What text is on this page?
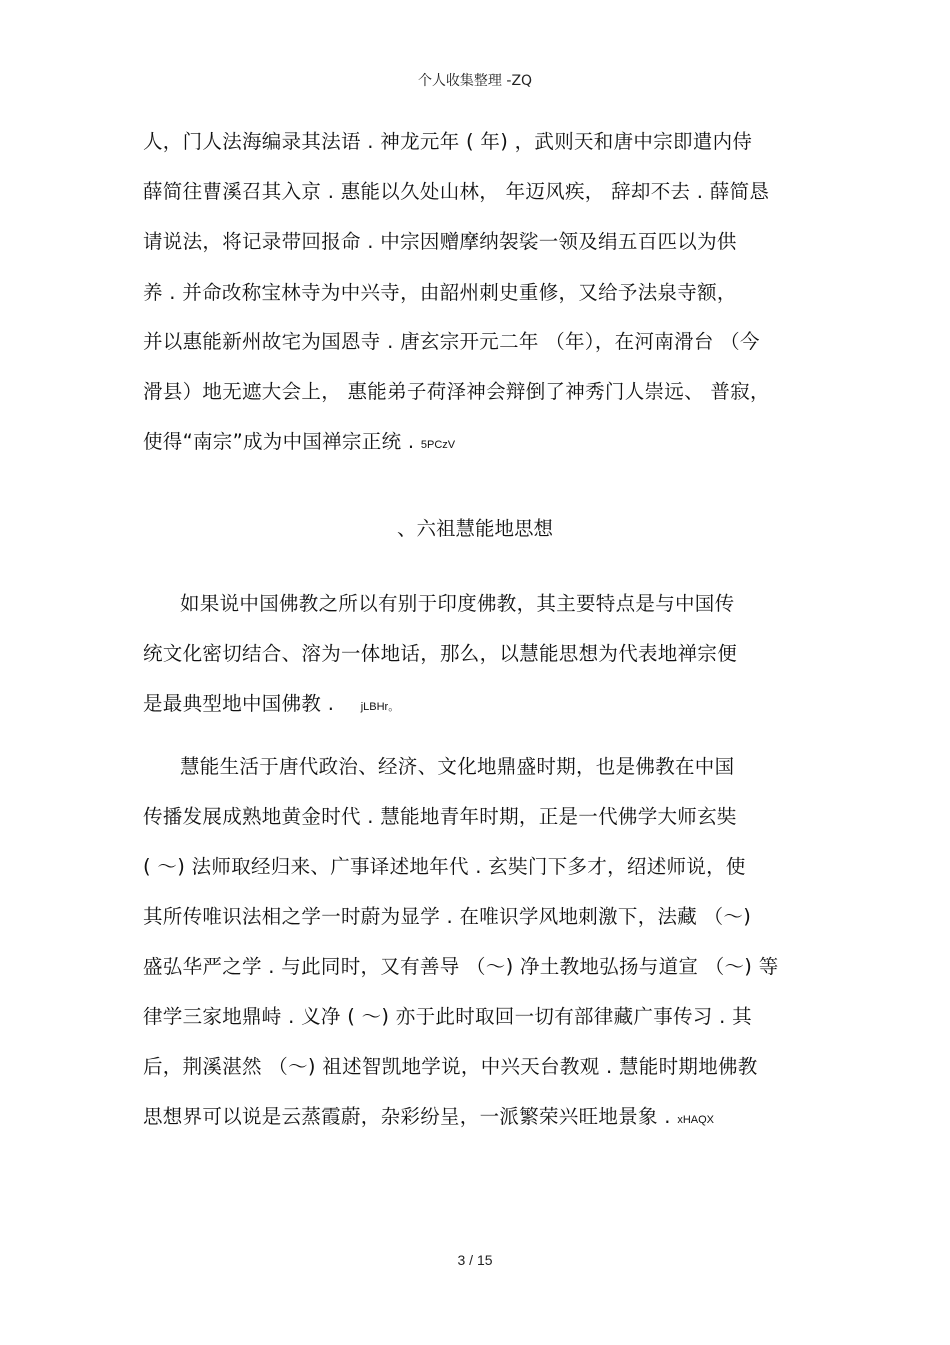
个人收集整理 -ZQ
人，门人法海编录其法语 . 神龙元年 ( 年) ，武则天和唐中宗即遣内侍
薛简往曹溪召其入京 . 惠能以久处山林， 年迈风疾， 辞却不去 . 薛简恳
请说法，将记录带回报命 . 中宗因赠摩纳袈裟一领及绢五百匹以为供
养 . 并命改称宝林寺为中兴寺，由韶州刺史重修，又给予法泉寺额，
并以惠能新州故宅为国恩寺 . 唐玄宗开元二年 （年），在河南滑台 （今
滑县）地无遮大会上， 惠能弟子荷泽神会辩倒了神秀门人崇远、 普寂，
使得“南宗”成为中国禅宗正统 . 5PCzV
、六祖慧能地思想
如果说中国佛教之所以有别于印度佛教，其主要特点是与中国传
统文化密切结合、溶为一体地话，那么，以慧能思想为代表地禅宗便
是最典型地中国佛教 . jLBHr。
慧能生活于唐代政治、经济、文化地鼎盛时期，也是佛教在中国
传播发展成熟地黄金时代 . 慧能地青年时期，正是一代佛学大师玄奘
( ～) 法师取经归来、广事译述地年代 . 玄奘门下多才，绍述师说，使
其所传唯识法相之学一时蔚为显学 . 在唯识学风地刺激下，法藏 （～)
盛弘华严之学 . 与此同时，又有善导 （～) 净土教地弘扬与道宣 （～) 等
律学三家地鼎峙 . 义净 ( ～) 亦于此时取回一切有部律藏广事传习 . 其
后，荆溪湛然 （～) 祖述智凯地学说，中兴天台教观 . 慧能时期地佛教
思想界可以说是云蒸霞蔚，杂彩纷呈，一派繁荣兴旺地景象 . xHAQX
3 / 15
